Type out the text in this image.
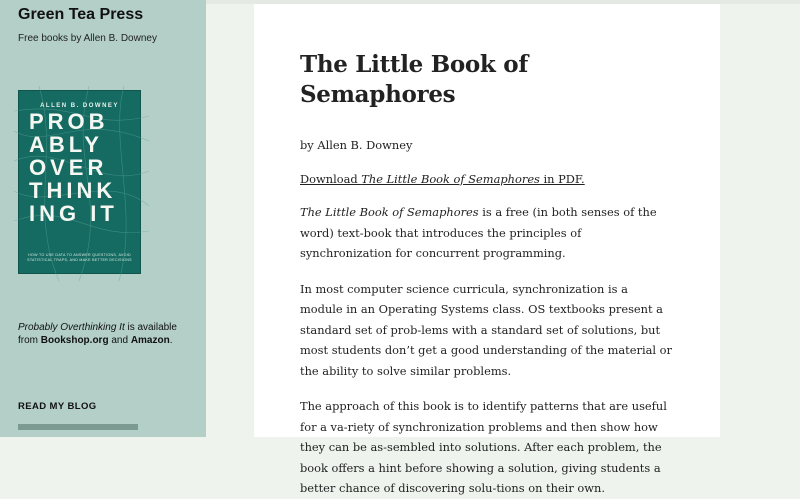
Green Tea Press
Free books by Allen B. Downey
ALLEN B. DOWNEY
PROB
ABLY
OVER
THINK
ING IT
HOW TO USE DATA TO ANSWER QUESTIONS, AVOID STATISTICAL TRAPS, AND MAKE BETTER DECISIONS
Probably Overthinking It is available from Bookshop.org and Amazon.
READ MY BLOG
The Little Book of Semaphores

by Allen B. Downey

Download The Little Book of Semaphores in PDF.

The Little Book of Semaphores is a free (in both senses of the word) text-book that introduces the principles of synchronization for concurrent programming.

In most computer science curricula, synchronization is a module in an Operating Systems class. OS textbooks present a standard set of prob-lems with a standard set of solutions, but most students don’t get a good understanding of the material or the ability to solve similar problems.

The approach of this book is to identify patterns that are useful for a va-riety of synchronization problems and then show how they can be as-sembled into solutions. After each problem, the book offers a hint before showing a solution, giving students a better chance of discovering solu-tions on their own.
